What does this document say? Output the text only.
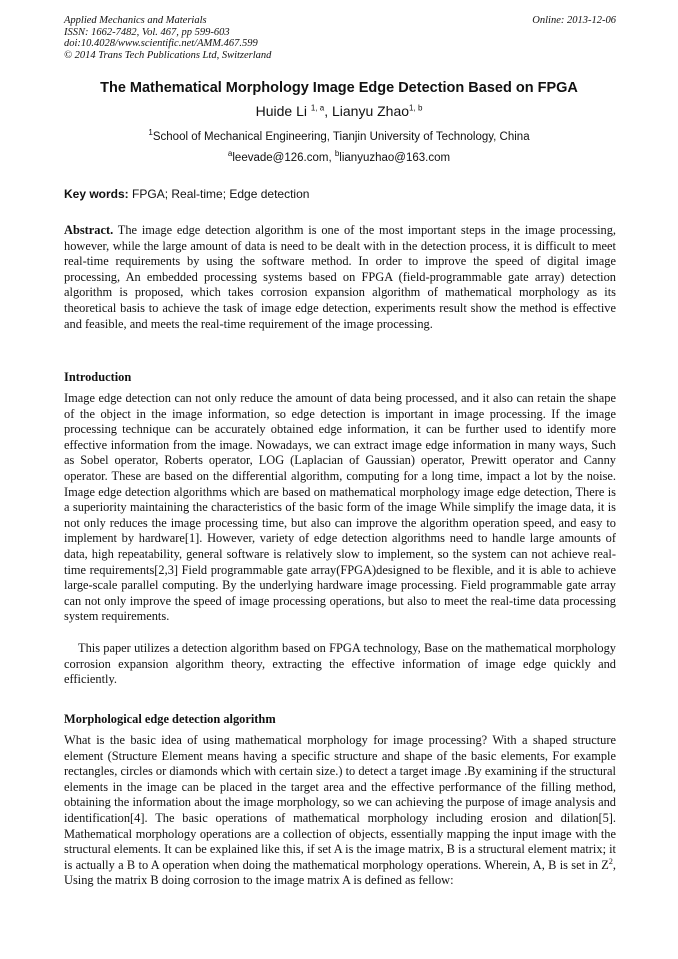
Applied Mechanics and Materials
ISSN: 1662-7482, Vol. 467, pp 599-603
doi:10.4028/www.scientific.net/AMM.467.599
© 2014 Trans Tech Publications Ltd, Switzerland
Online: 2013-12-06
The Mathematical Morphology Image Edge Detection Based on FPGA
Huide Li $^{1, a}$, Lianyu Zhao$^{1, b}$
$^1$School of Mechanical Engineering, Tianjin University of Technology, China
$^a$leevade@126.com, $^b$lianyuzhao@163.com
Key words: FPGA; Real-time; Edge detection

Abstract. The image edge detection algorithm is one of the most important steps in the image processing, however, while the large amount of data is need to be dealt with in the detection process, it is difficult to meet real-time requirements by using the software method. In order to improve the speed of digital image processing, An embedded processing systems based on FPGA (field-programmable gate array) detection algorithm is proposed, which takes corrosion expansion algorithm of mathematical morphology as its theoretical basis to achieve the task of image edge detection, experiments result show the method is effective and feasible, and meets the real-time requirement of the image processing.

Introduction

Image edge detection can not only reduce the amount of data being processed, and it also can retain the shape of the object in the image information, so edge detection is important in image processing. If the image processing technique can be accurately obtained edge information, it can be further used to identify more effective information from the image. Nowadays, we can extract image edge information in many ways, Such as Sobel operator, Roberts operator, LOG (Laplacian of Gaussian) operator, Prewitt operator and Canny operator. These are based on the differential algorithm, computing for a long time, impact a lot by the noise. Image edge detection algorithms which are based on mathematical morphology image edge detection, There is a superiority maintaining the characteristics of the basic form of the image While simplify the image data, it is not only reduces the image processing time, but also can improve the algorithm operation speed, and easy to implement by hardware[1]. However, variety of edge detection algorithms need to handle large amounts of data, high repeatability, general software is relatively slow to implement, so the system can not achieve real-time requirements[2,3] Field programmable gate array(FPGA)designed to be flexible, and it is able to achieve large-scale parallel computing. By the underlying hardware image processing. Field programmable gate array can not only improve the speed of image processing operations, but also to meet the real-time data processing system requirements.

This paper utilizes a detection algorithm based on FPGA technology, Base on the mathematical morphology corrosion expansion algorithm theory, extracting the effective information of image edge quickly and efficiently.

Morphological edge detection algorithm

What is the basic idea of using mathematical morphology for image processing? With a shaped structure element (Structure Element means having a specific structure and shape of the basic elements, For example rectangles, circles or diamonds which with certain size.) to detect a target image .By examining if the structural elements in the image can be placed in the target area and the effective performance of the filling method, obtaining the information about the image morphology, so we can achieving the purpose of image analysis and identification[4]. The basic operations of mathematical morphology including erosion and dilation[5]. Mathematical morphology operations are a collection of objects, essentially mapping the input image with the structural elements. It can be explained like this, if set A is the image matrix, B is a structural element matrix; it is actually a B to A operation when doing the mathematical morphology operations. Wherein, A, B is set in $Z^2$, Using the matrix B doing corrosion to the image matrix A is defined as fellow:
